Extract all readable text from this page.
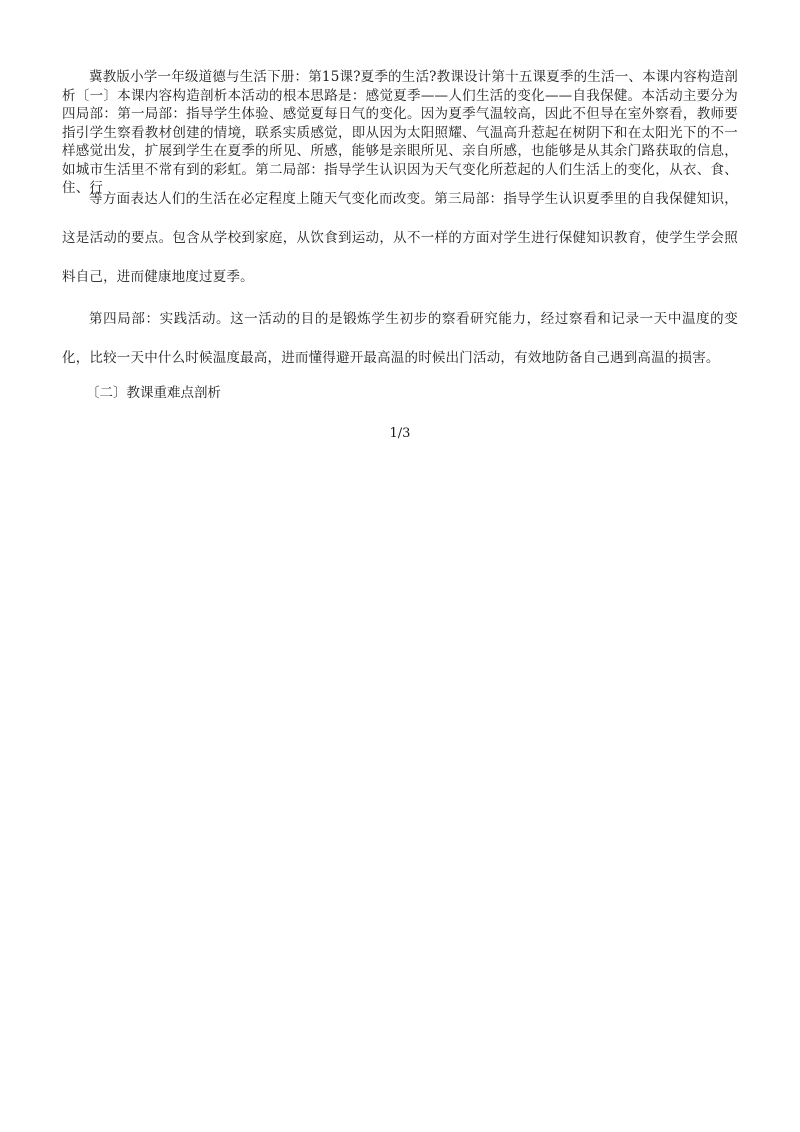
冀教版小学一年级道德与生活下册：第15课?夏季的生活?教课设计第十五课夏季的生活一、本课内容构造剖析〔一〕本课内容构造剖析本活动的根本思路是：感觉夏季——人们生活的变化——自我保健。本活动主要分为四局部：第一局部：指导学生体验、感觉夏每日气的变化。因为夏季气温较高，因此不但导在室外察看，教师要指引学生察看教材创建的情境，联系实质感觉，即从因为太阳照耀、气温高升惹起在树阴下和在太阳光下的不一样感觉出发，扩展到学生在夏季的所见、所感，能够是亲眼所见、亲自所感，也能够是从其余门路获取的信息，如城市生活里不常有到的彩虹。第二局部：指导学生认识因为天气变化所惹起的人们生活上的变化，从衣、食、住、行
等方面表达人们的生活在必定程度上随天气变化而改变。第三局部：指导学生认识夏季里的自我保健知识，这是活动的要点。包含从学校到家庭，从饮食到运动，从不一样的方面对学生进行保健知识教育，使学生学会照料自己，进而健康地度过夏季。
第四局部：实践活动。这一活动的目的是锻炼学生初步的察看研究能力，经过察看和记录一天中温度的变化，比较一天中什么时候温度最高，进而懂得避开最高温的时候出门活动，有效地防备自己遇到高温的损害。
〔二〕教课重难点剖析
1/3
